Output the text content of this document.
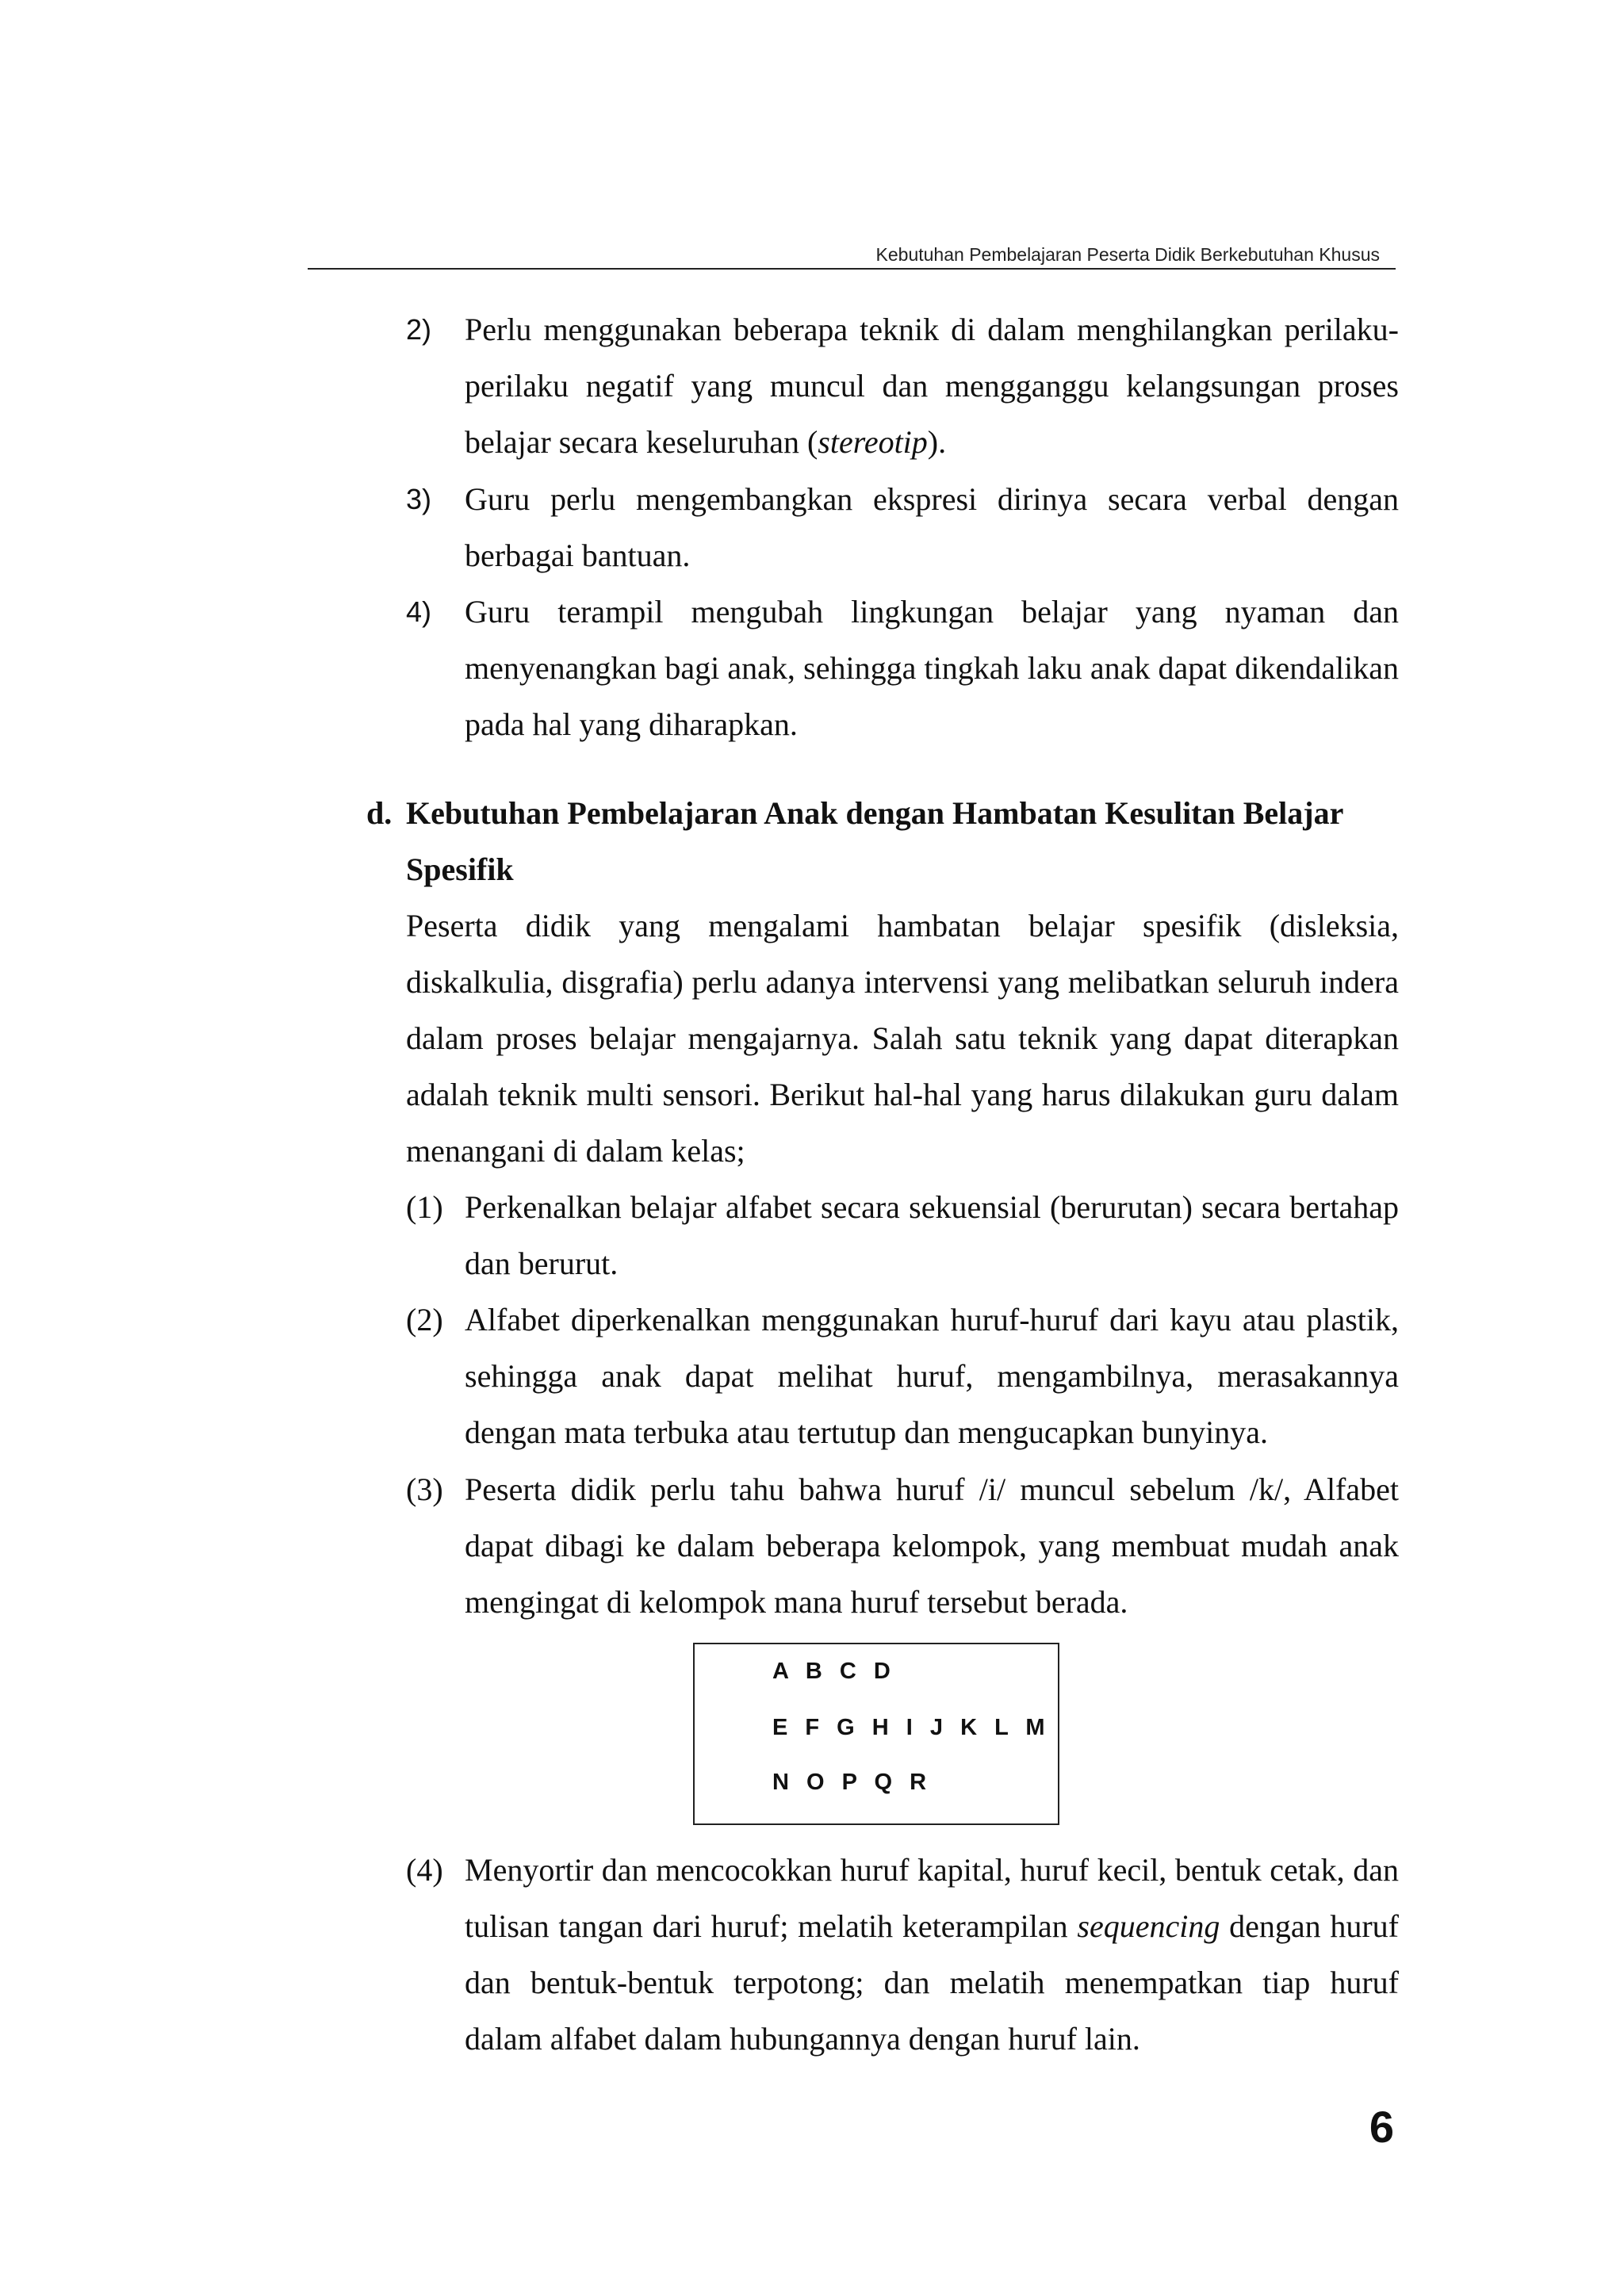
Kebutuhan Pembelajaran Peserta Didik Berkebutuhan Khusus
2)	Perlu menggunakan beberapa teknik di dalam menghilangkan perilaku-perilaku negatif yang muncul dan mengganggu kelangsungan proses belajar secara keseluruhan (stereotip).
3)	Guru perlu mengembangkan ekspresi dirinya secara verbal dengan berbagai bantuan.
4)	Guru terampil mengubah lingkungan belajar yang nyaman dan menyenangkan bagi anak, sehingga tingkah laku anak dapat dikendalikan pada hal yang diharapkan.
d. Kebutuhan Pembelajaran Anak dengan Hambatan Kesulitan Belajar Spesifik
Peserta didik yang mengalami hambatan belajar spesifik (disleksia, diskalkulia, disgrafia) perlu adanya intervensi yang melibatkan seluruh indera dalam proses belajar mengajarnya. Salah satu teknik yang dapat diterapkan adalah teknik multi sensori. Berikut hal-hal yang harus dilakukan guru dalam menangani di dalam kelas;
(1) Perkenalkan belajar alfabet secara sekuensial (berurutan) secara bertahap dan berurut.
(2) Alfabet diperkenalkan menggunakan huruf-huruf dari kayu atau plastik, sehingga anak dapat melihat huruf, mengambilnya, merasakannya dengan mata terbuka atau tertutup dan mengucapkan bunyinya.
(3) Peserta didik perlu tahu bahwa huruf /i/ muncul sebelum /k/, Alfabet dapat dibagi ke dalam beberapa kelompok, yang membuat mudah anak mengingat di kelompok mana huruf tersebut berada.
A B C D
E F G H I J K L M
N O P Q R
(4) Menyortir dan mencocokkan huruf kapital, huruf kecil, bentuk cetak, dan tulisan tangan dari huruf; melatih keterampilan sequencing dengan huruf dan bentuk-bentuk terpotong; dan melatih menempatkan tiap huruf dalam alfabet dalam hubungannya dengan huruf lain.
6
